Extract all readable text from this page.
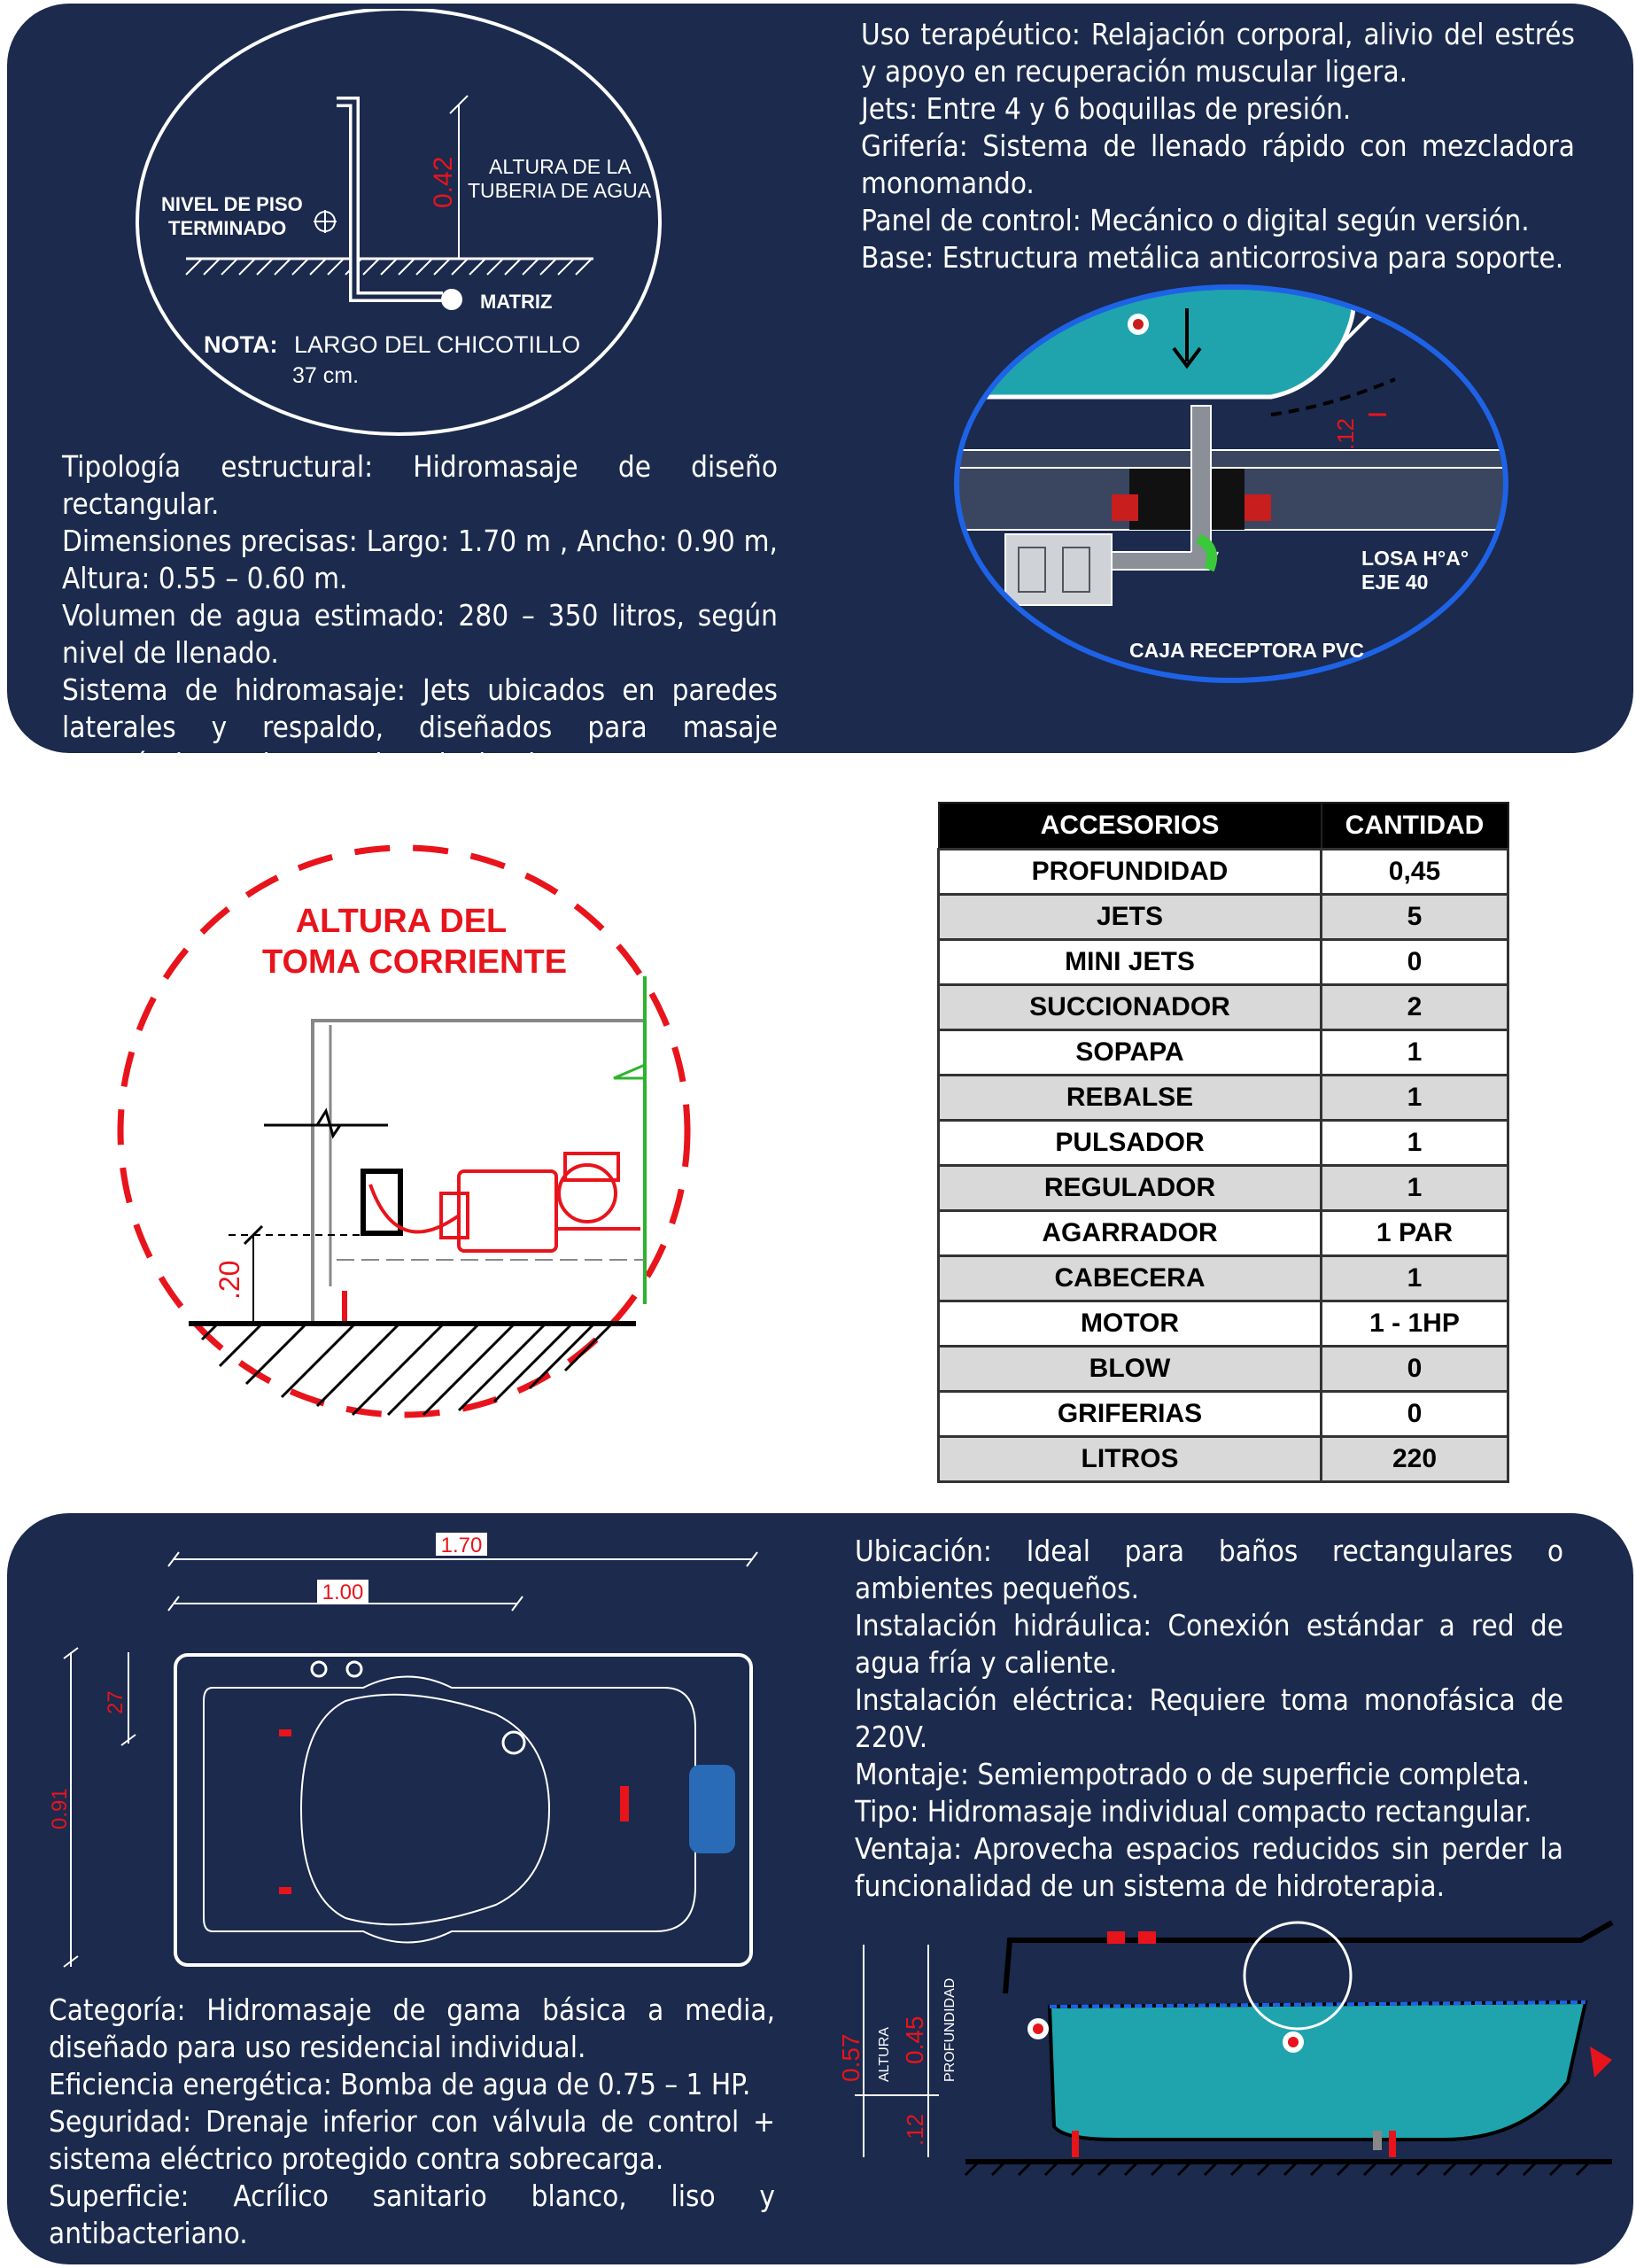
0.42
NIVEL DE PISO
TERMINADO
ALTURA DE LA
TUBERIA DE AGUA
MATRIZ
NOTA: LARGO DEL CHICOTILLO
37 cm.
Uso terapéutico: Relajación corporal, alivio del estrés y apoyo en recuperación muscular ligera.
Jets: Entre 4 y 6 boquillas de presión.
Grifería: Sistema de llenado rápido con mezcladora monomando.
Panel de control: Mecánico o digital según versión.
Base: Estructura metálica anticorrosiva para soporte.
Tipología estructural: Hidromasaje de diseño rectangular.
Dimensiones precisas: Largo: 1.70 m , Ancho: 0.90 m, Altura: 0.55 – 0.60 m.
Volumen de agua estimado: 280 – 350 litros, según nivel de llenado.
Sistema de hidromasaje: Jets ubicados en paredes laterales y respaldo, diseñados para masaje terapéutico en la zona dorsal y lumbar.
.12
LOSA H°A°
EJE 40
CAJA RECEPTORA PVC
ALTURA DEL
TOMA CORRIENTE
.20
ACCESORIOS	CANTIDAD
PROFUNDIDAD	0,45
JETS	5
MINI JETS	0
SUCCIONADOR	2
SOPAPA	1
REBALSE	1
PULSADOR	1
REGULADOR	1
AGARRADOR	1 PAR
CABECERA	1
MOTOR	1 - 1HP
BLOW	0
GRIFERIAS	0
LITROS	220
1.70
1.00
0.91
27
Ubicación: Ideal para baños rectangulares o ambientes pequeños.
Instalación hidráulica: Conexión estándar a red de agua fría y caliente.
Instalación eléctrica: Requiere toma monofásica de 220V.
Montaje: Semiempotrado o de superficie completa.
Tipo: Hidromasaje individual compacto rectangular.
Ventaja: Aprovecha espacios reducidos sin perder la funcionalidad de un sistema de hidroterapia.
Categoría: Hidromasaje de gama básica a media, diseñado para uso residencial individual.
Eficiencia energética: Bomba de agua de 0.75 – 1 HP.
Seguridad: Drenaje inferior con válvula de control + sistema eléctrico protegido contra sobrecarga.
Superficie: Acrílico sanitario blanco, liso y antibacteriano.
0.57 ALTURA 0.45 PROFUNDIDAD
.12
